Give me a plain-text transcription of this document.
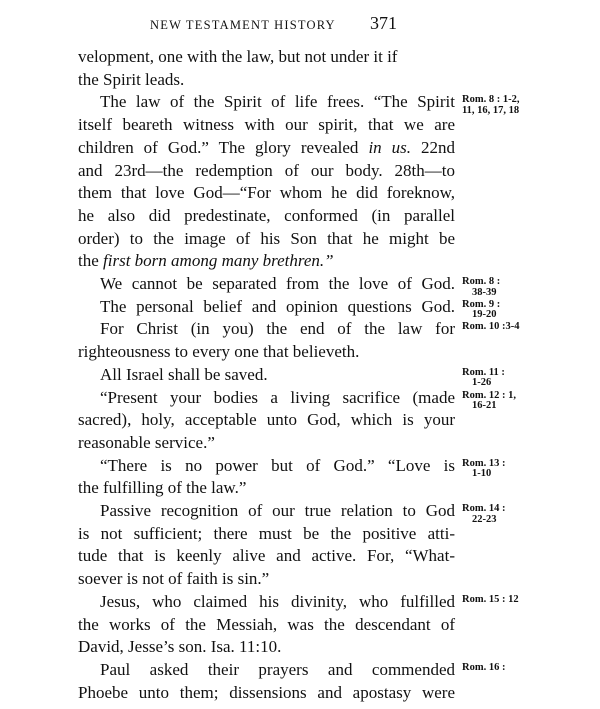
NEW TESTAMENT HISTORY 371
velopment, one with the law, but not under it if
the Spirit leads.
The law of the Spirit of life frees. “The Spirit
itself beareth witness with our spirit, that we are
children of God.” The glory revealed in us. 22nd
and 23rd—the redemption of our body. 28th—to
them that love God—“For whom he did foreknow,
he also did predestinate, conformed (in parallel
order) to the image of his Son that he might be
the first born among many brethren.”
We cannot be separated from the love of God.
The personal belief and opinion questions God.
For Christ (in you) the end of the law for
righteousness to every one that believeth.
All Israel shall be saved.
“Present your bodies a living sacrifice (made
sacred), holy, acceptable unto God, which is your
reasonable service.”
“There is no power but of God.” “Love is
the fulfilling of the law.”
Passive recognition of our true relation to God
is not sufficient; there must be the positive atti-
tude that is keenly alive and active. For, “What-
soever is not of faith is sin.”
Jesus, who claimed his divinity, who fulfilled
the works of the Messiah, was the descendant of
David, Jesse’s son. Isa. 11:10.
Paul asked their prayers and commended
Phoebe unto them; dissensions and apostasy were
Rom. 8 : 1-2,
11, 16, 17, 18
Rom. 8 :
38-39
Rom. 9 :
19-20
Rom. 10 :3-4
Rom. 11 :
1-26
Rom. 12 : 1,
16-21
Rom. 13 :
1-10
Rom. 14 :
22-23
Rom. 15 : 12
Rom. 16 :
